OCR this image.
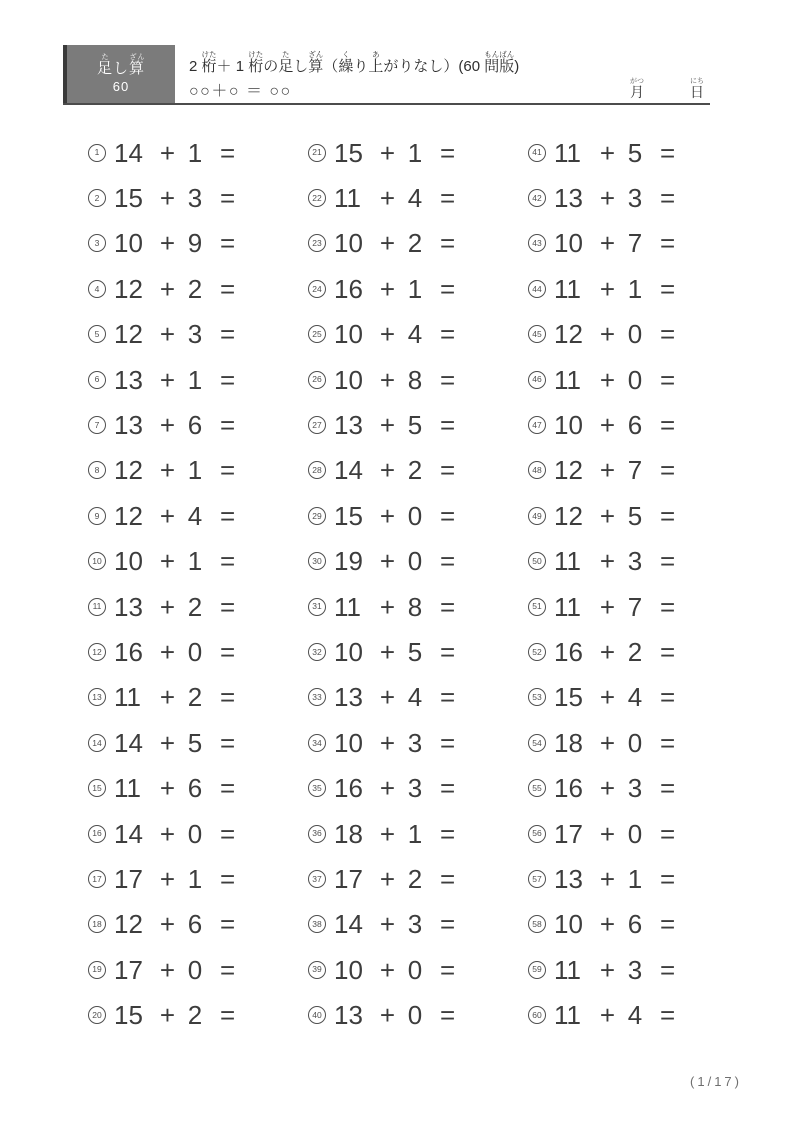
足たし算ざん
60
2 桁けた＋ 1 桁けたの足たし算ざん（繰くり上あがりなし）(60 問版もんばん)
○○＋○ ＝ ○○	月がつ
日にち
1 14 + 1 =
2 15 + 3 =
3 10 + 9 =
4 12 + 2 =
5 12 + 3 =
6 13 + 1 =
7 13 + 6 =
8 12 + 1 =
9 12 + 4 =
10 10 + 1 =
11 13 + 2 =
12 16 + 0 =
13 11 + 2 =
14 14 + 5 =
15 11 + 6 =
16 14 + 0 =
17 17 + 1 =
18 12 + 6 =
19 17 + 0 =
20 15 + 2 =
21 15 + 1 =
22 11 + 4 =
23 10 + 2 =
24 16 + 1 =
25 10 + 4 =
26 10 + 8 =
27 13 + 5 =
28 14 + 2 =
29 15 + 0 =
30 19 + 0 =
31 11 + 8 =
32 10 + 5 =
33 13 + 4 =
34 10 + 3 =
35 16 + 3 =
36 18 + 1 =
37 17 + 2 =
38 14 + 3 =
39 10 + 0 =
40 13 + 0 =
41 11 + 5 =
42 13 + 3 =
43 10 + 7 =
44 11 + 1 =
45 12 + 0 =
46 11 + 0 =
47 10 + 6 =
48 12 + 7 =
49 12 + 5 =
50 11 + 3 =
51 11 + 7 =
52 16 + 2 =
53 15 + 4 =
54 18 + 0 =
55 16 + 3 =
56 17 + 0 =
57 13 + 1 =
58 10 + 6 =
59 11 + 3 =
60 11 + 4 =
(1/17)
